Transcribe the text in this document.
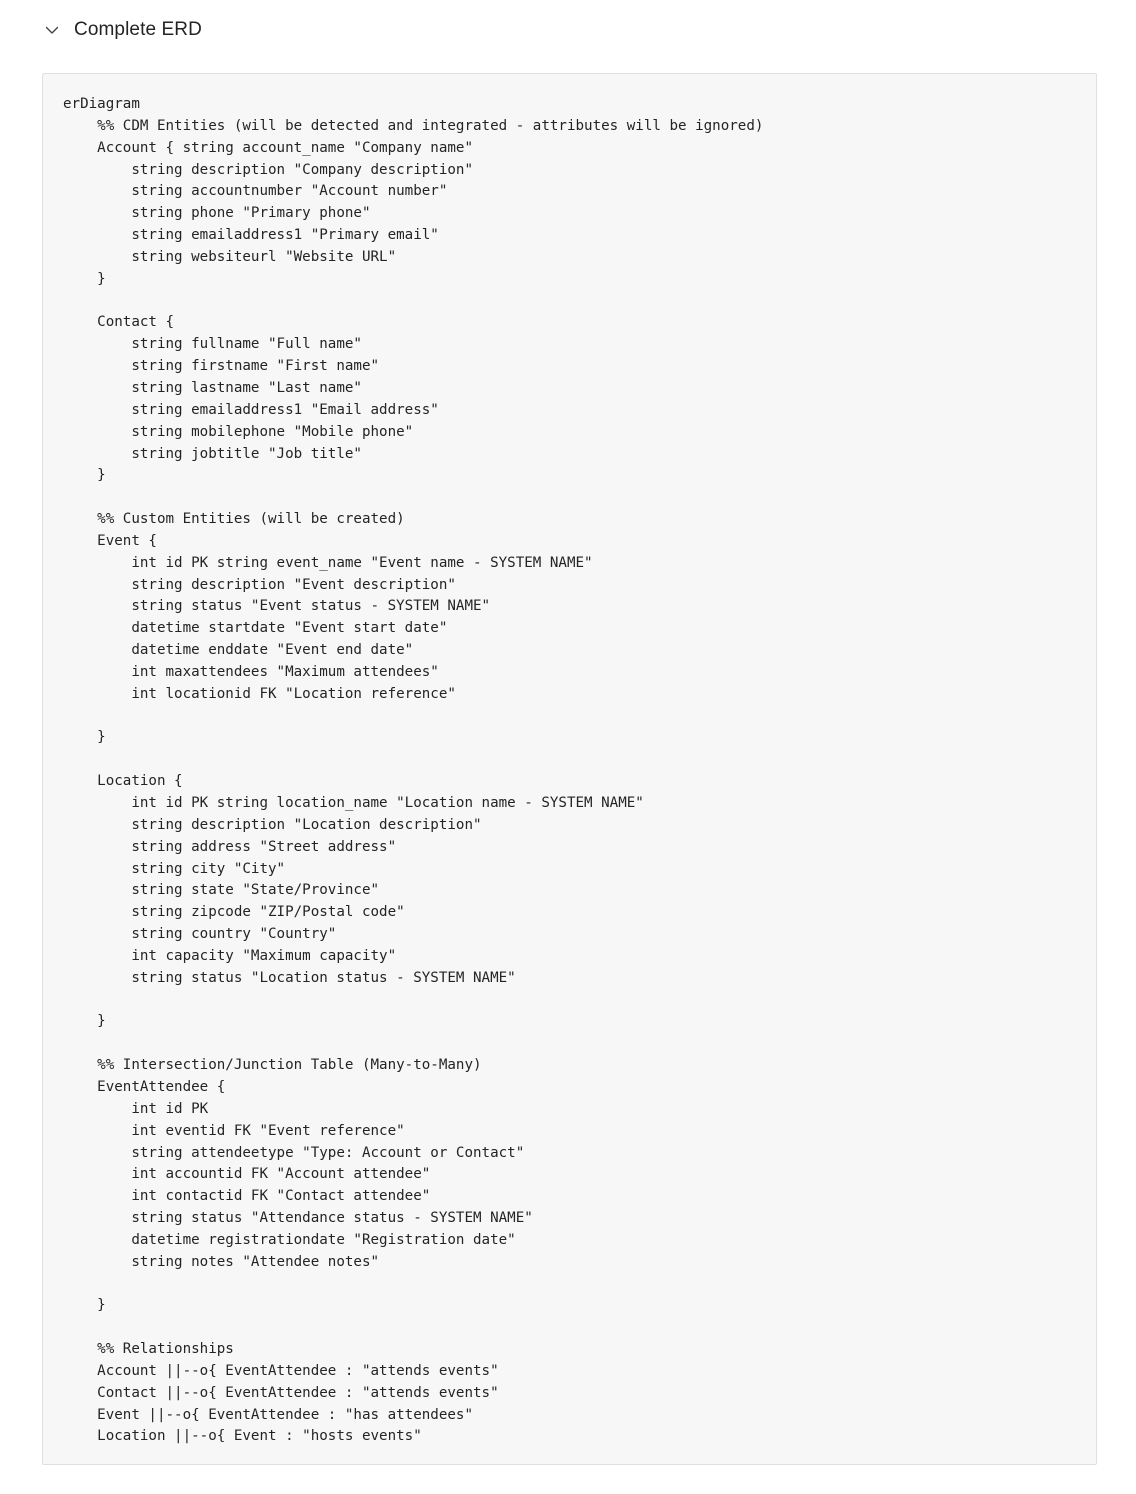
Complete ERD
erDiagram
%% CDM Entities (will be detected and integrated - attributes will be ignored)
Account { string account_name "Company name"
string description "Company description"
string accountnumber "Account number"
string phone "Primary phone"
string emailaddress1 "Primary email"
string websiteurl "Website URL"
}
Contact {
string fullname "Full name"
string firstname "First name"
string lastname "Last name"
string emailaddress1 "Email address"
string mobilephone "Mobile phone"
string jobtitle "Job title"
}
%% Custom Entities (will be created)
Event {
int id PK string event_name "Event name - SYSTEM NAME"
string description "Event description"
string status "Event status - SYSTEM NAME"
datetime startdate "Event start date"
datetime enddate "Event end date"
int maxattendees "Maximum attendees"
int locationid FK "Location reference"
}
Location {
int id PK string location_name "Location name - SYSTEM NAME"
string description "Location description"
string address "Street address"
string city "City"
string state "State/Province"
string zipcode "ZIP/Postal code"
string country "Country"
int capacity "Maximum capacity"
string status "Location status - SYSTEM NAME"
}
%% Intersection/Junction Table (Many-to-Many)
EventAttendee {
int id PK
int eventid FK "Event reference"
string attendeetype "Type: Account or Contact"
int accountid FK "Account attendee"
int contactid FK "Contact attendee"
string status "Attendance status - SYSTEM NAME"
datetime registrationdate "Registration date"
string notes "Attendee notes"
}
%% Relationships
Account ||--o{ EventAttendee : "attends events"
Contact ||--o{ EventAttendee : "attends events"
Event ||--o{ EventAttendee : "has attendees"
Location ||--o{ Event : "hosts events"
